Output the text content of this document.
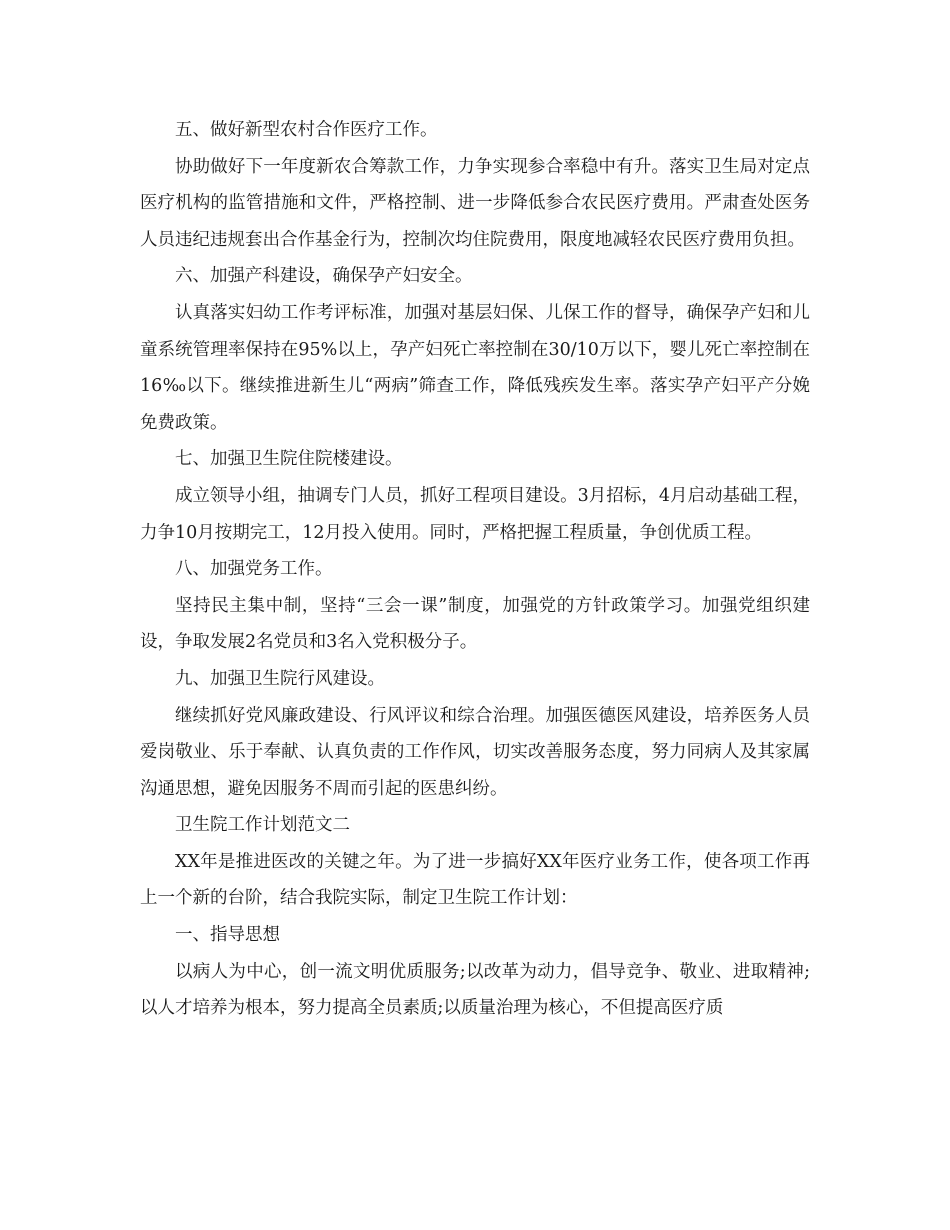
五、做好新型农村合作医疗工作。

协助做好下一年度新农合筹款工作，力争实现参合率稳中有升。落实卫生局对定点医疗机构的监管措施和文件，严格控制、进一步降低参合农民医疗费用。严肃查处医务人员违纪违规套出合作基金行为，控制次均住院费用，限度地减轻农民医疗费用负担。

六、加强产科建设，确保孕产妇安全。

认真落实妇幼工作考评标准，加强对基层妇保、儿保工作的督导，确保孕产妇和儿童系统管理率保持在95%以上，孕产妇死亡率控制在30/10万以下，婴儿死亡率控制在16‰以下。继续推进新生儿“两病”筛查工作，降低残疾发生率。落实孕产妇平产分娩免费政策。

七、加强卫生院住院楼建设。

成立领导小组，抽调专门人员，抓好工程项目建设。3月招标，4月启动基础工程，力争10月按期完工，12月投入使用。同时，严格把握工程质量，争创优质工程。

八、加强党务工作。

坚持民主集中制，坚持“三会一课”制度，加强党的方针政策学习。加强党组织建设，争取发展2名党员和3名入党积极分子。

九、加强卫生院行风建设。

继续抓好党风廉政建设、行风评议和综合治理。加强医德医风建设，培养医务人员爱岗敬业、乐于奉献、认真负责的工作作风，切实改善服务态度，努力同病人及其家属沟通思想，避免因服务不周而引起的医患纠纷。

卫生院工作计划范文二

XX年是推进医改的关键之年。为了进一步搞好XX年医疗业务工作，使各项工作再上一个新的台阶，结合我院实际，制定卫生院工作计划：

一、指导思想

以病人为中心，创一流文明优质服务;以改革为动力，倡导竞争、敬业、进取精神;以人才培养为根本，努力提高全员素质;以质量治理为核心，不但提高医疗质
